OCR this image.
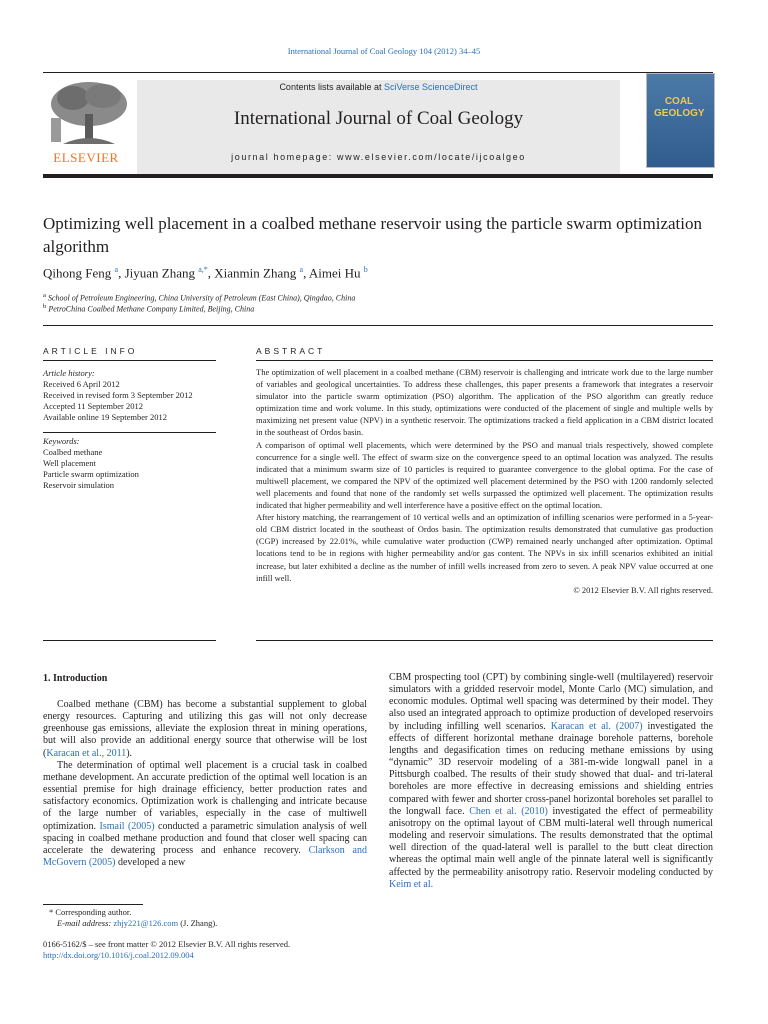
International Journal of Coal Geology 104 (2012) 34–45
ELSEVIER
Contents lists available at SciVerse ScienceDirect
International Journal of Coal Geology
journal homepage: www.elsevier.com/locate/ijcoalgeo
COAL GEOLOGY
Optimizing well placement in a coalbed methane reservoir using the particle swarm optimization algorithm
Qihong Feng $^a$, Jiyuan Zhang $^{a,*}$, Xianmin Zhang $^a$, Aimei Hu $^b$
$^a$ School of Petroleum Engineering, China University of Petroleum (East China), Qingdao, China
$^b$ PetroChina Coalbed Methane Company Limited, Beijing, China
ARTICLE INFO
Article history:
Received 6 April 2012
Received in revised form 3 September 2012
Accepted 11 September 2012
Available online 19 September 2012
Keywords:
Coalbed methane
Well placement
Particle swarm optimization
Reservoir simulation
ABSTRACT

The optimization of well placement in a coalbed methane (CBM) reservoir is challenging and intricate work due to the large number of variables and geological uncertainties. To address these challenges, this paper presents a framework that integrates a reservoir simulator into the particle swarm optimization (PSO) algorithm. The application of the PSO algorithm can greatly reduce optimization time and work volume. In this study, optimizations were conducted of the placement of single and multiple wells by maximizing net present value (NPV) in a synthetic reservoir. The optimizations tracked a field application in a CBM district located in the southeast of Ordos basin.

A comparison of optimal well placements, which were determined by the PSO and manual trials respectively, showed complete concurrence for a single well. The effect of swarm size on the convergence speed to an optimal location was analyzed. The results indicated that a minimum swarm size of 10 particles is required to guarantee convergence to the global optima. For the case of multiwell placement, we compared the NPV of the optimized well placement determined by the PSO with 1200 randomly selected well placements and found that none of the randomly set wells surpassed the optimized well placement. The optimization results indicated that higher permeability and well interference have a positive effect on the optimal location.

After history matching, the rearrangement of 10 vertical wells and an optimization of infilling scenarios were performed in a 5-year-old CBM district located in the southeast of Ordos basin. The optimization results demonstrated that cumulative gas production (CGP) increased by 22.01%, while cumulative water production (CWP) remained nearly unchanged after optimization. Optimal locations tend to be in regions with higher permeability and/or gas content. The NPVs in six infill scenarios exhibited an initial increase, but later exhibited a decline as the number of infill wells increased from zero to seven. A peak NPV value occurred at one infill well.

© 2012 Elsevier B.V. All rights reserved.

1. Introduction

Coalbed methane (CBM) has become a substantial supplement to global energy resources. Capturing and utilizing this gas will not only decrease greenhouse gas emissions, alleviate the explosion threat in mining operations, but will also provide an additional energy source that otherwise will be lost (Karacan et al., 2011).

The determination of optimal well placement is a crucial task in coalbed methane development. An accurate prediction of the optimal well location is an essential premise for high drainage efficiency, better production rates and satisfactory economics. Optimization work is challenging and intricate because of the large number of variables, especially in the case of multiwell optimization. Ismail (2005) conducted a parametric simulation analysis of well spacing in coalbed methane production and found that closer well spacing can accelerate the dewatering process and enhance recovery. Clarkson and McGovern (2005) developed a new

CBM prospecting tool (CPT) by combining single-well (multilayered) reservoir simulators with a gridded reservoir model, Monte Carlo (MC) simulation, and economic modules. Optimal well spacing was determined by their model. They also used an integrated approach to optimize production of developed reservoirs by including infilling well scenarios. Karacan et al. (2007) investigated the effects of different horizontal methane drainage borehole patterns, borehole lengths and degasification times on reducing methane emissions by using “dynamic” 3D reservoir modeling of a 381-m-wide longwall panel in a Pittsburgh coalbed. The results of their study showed that dual- and tri-lateral boreholes are more effective in decreasing emissions and shielding entries compared with fewer and shorter cross-panel horizontal boreholes set parallel to the longwall face. Chen et al. (2010) investigated the effect of permeability anisotropy on the optimal layout of CBM multi-lateral well through numerical modeling and reservoir simulations. The results demonstrated that the optimal well direction of the quad-lateral well is parallel to the butt cleat direction whereas the optimal main well angle of the pinnate lateral well is significantly affected by the permeability anisotropy ratio. Reservoir modeling conducted by Keim et al.

* Corresponding author.
E-mail address: zhjy221@126.com (J. Zhang).
0166-5162/$ – see front matter © 2012 Elsevier B.V. All rights reserved.
http://dx.doi.org/10.1016/j.coal.2012.09.004
